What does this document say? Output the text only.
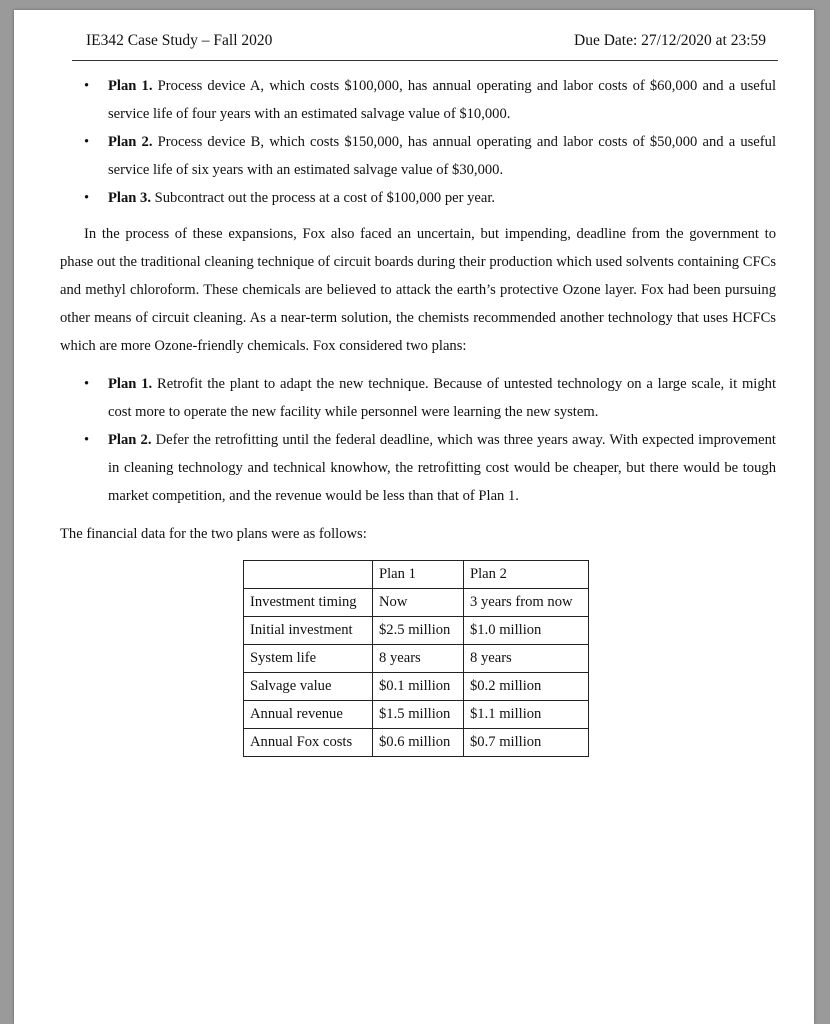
IE342 Case Study – Fall 2020	Due Date: 27/12/2020 at 23:59
• Plan 1. Process device A, which costs $100,000, has annual operating and labor costs of $60,000 and a useful service life of four years with an estimated salvage value of $10,000.
• Plan 2. Process device B, which costs $150,000, has annual operating and labor costs of $50,000 and a useful service life of six years with an estimated salvage value of $30,000.
• Plan 3. Subcontract out the process at a cost of $100,000 per year.

In the process of these expansions, Fox also faced an uncertain, but impending, deadline from the government to phase out the traditional cleaning technique of circuit boards during their production which used solvents containing CFCs and methyl chloroform. These chemicals are believed to attack the earth’s protective Ozone layer. Fox had been pursuing other means of circuit cleaning. As a near-term solution, the chemists recommended another technology that uses HCFCs which are more Ozone-friendly chemicals. Fox considered two plans:

• Plan 1. Retrofit the plant to adapt the new technique. Because of untested technology on a large scale, it might cost more to operate the new facility while personnel were learning the new system.
• Plan 2. Defer the retrofitting until the federal deadline, which was three years away. With expected improvement in cleaning technology and technical knowhow, the retrofitting cost would be cheaper, but there would be tough market competition, and the revenue would be less than that of Plan 1.
The financial data for the two plans were as follows:
	Plan 1	Plan 2
Investment timing	Now	3 years from now
Initial investment	$2.5 million	$1.0 million
System life	8 years	8 years
Salvage value	$0.1 million	$0.2 million
Annual revenue	$1.5 million	$1.1 million
Annual Fox costs	$0.6 million	$0.7 million
